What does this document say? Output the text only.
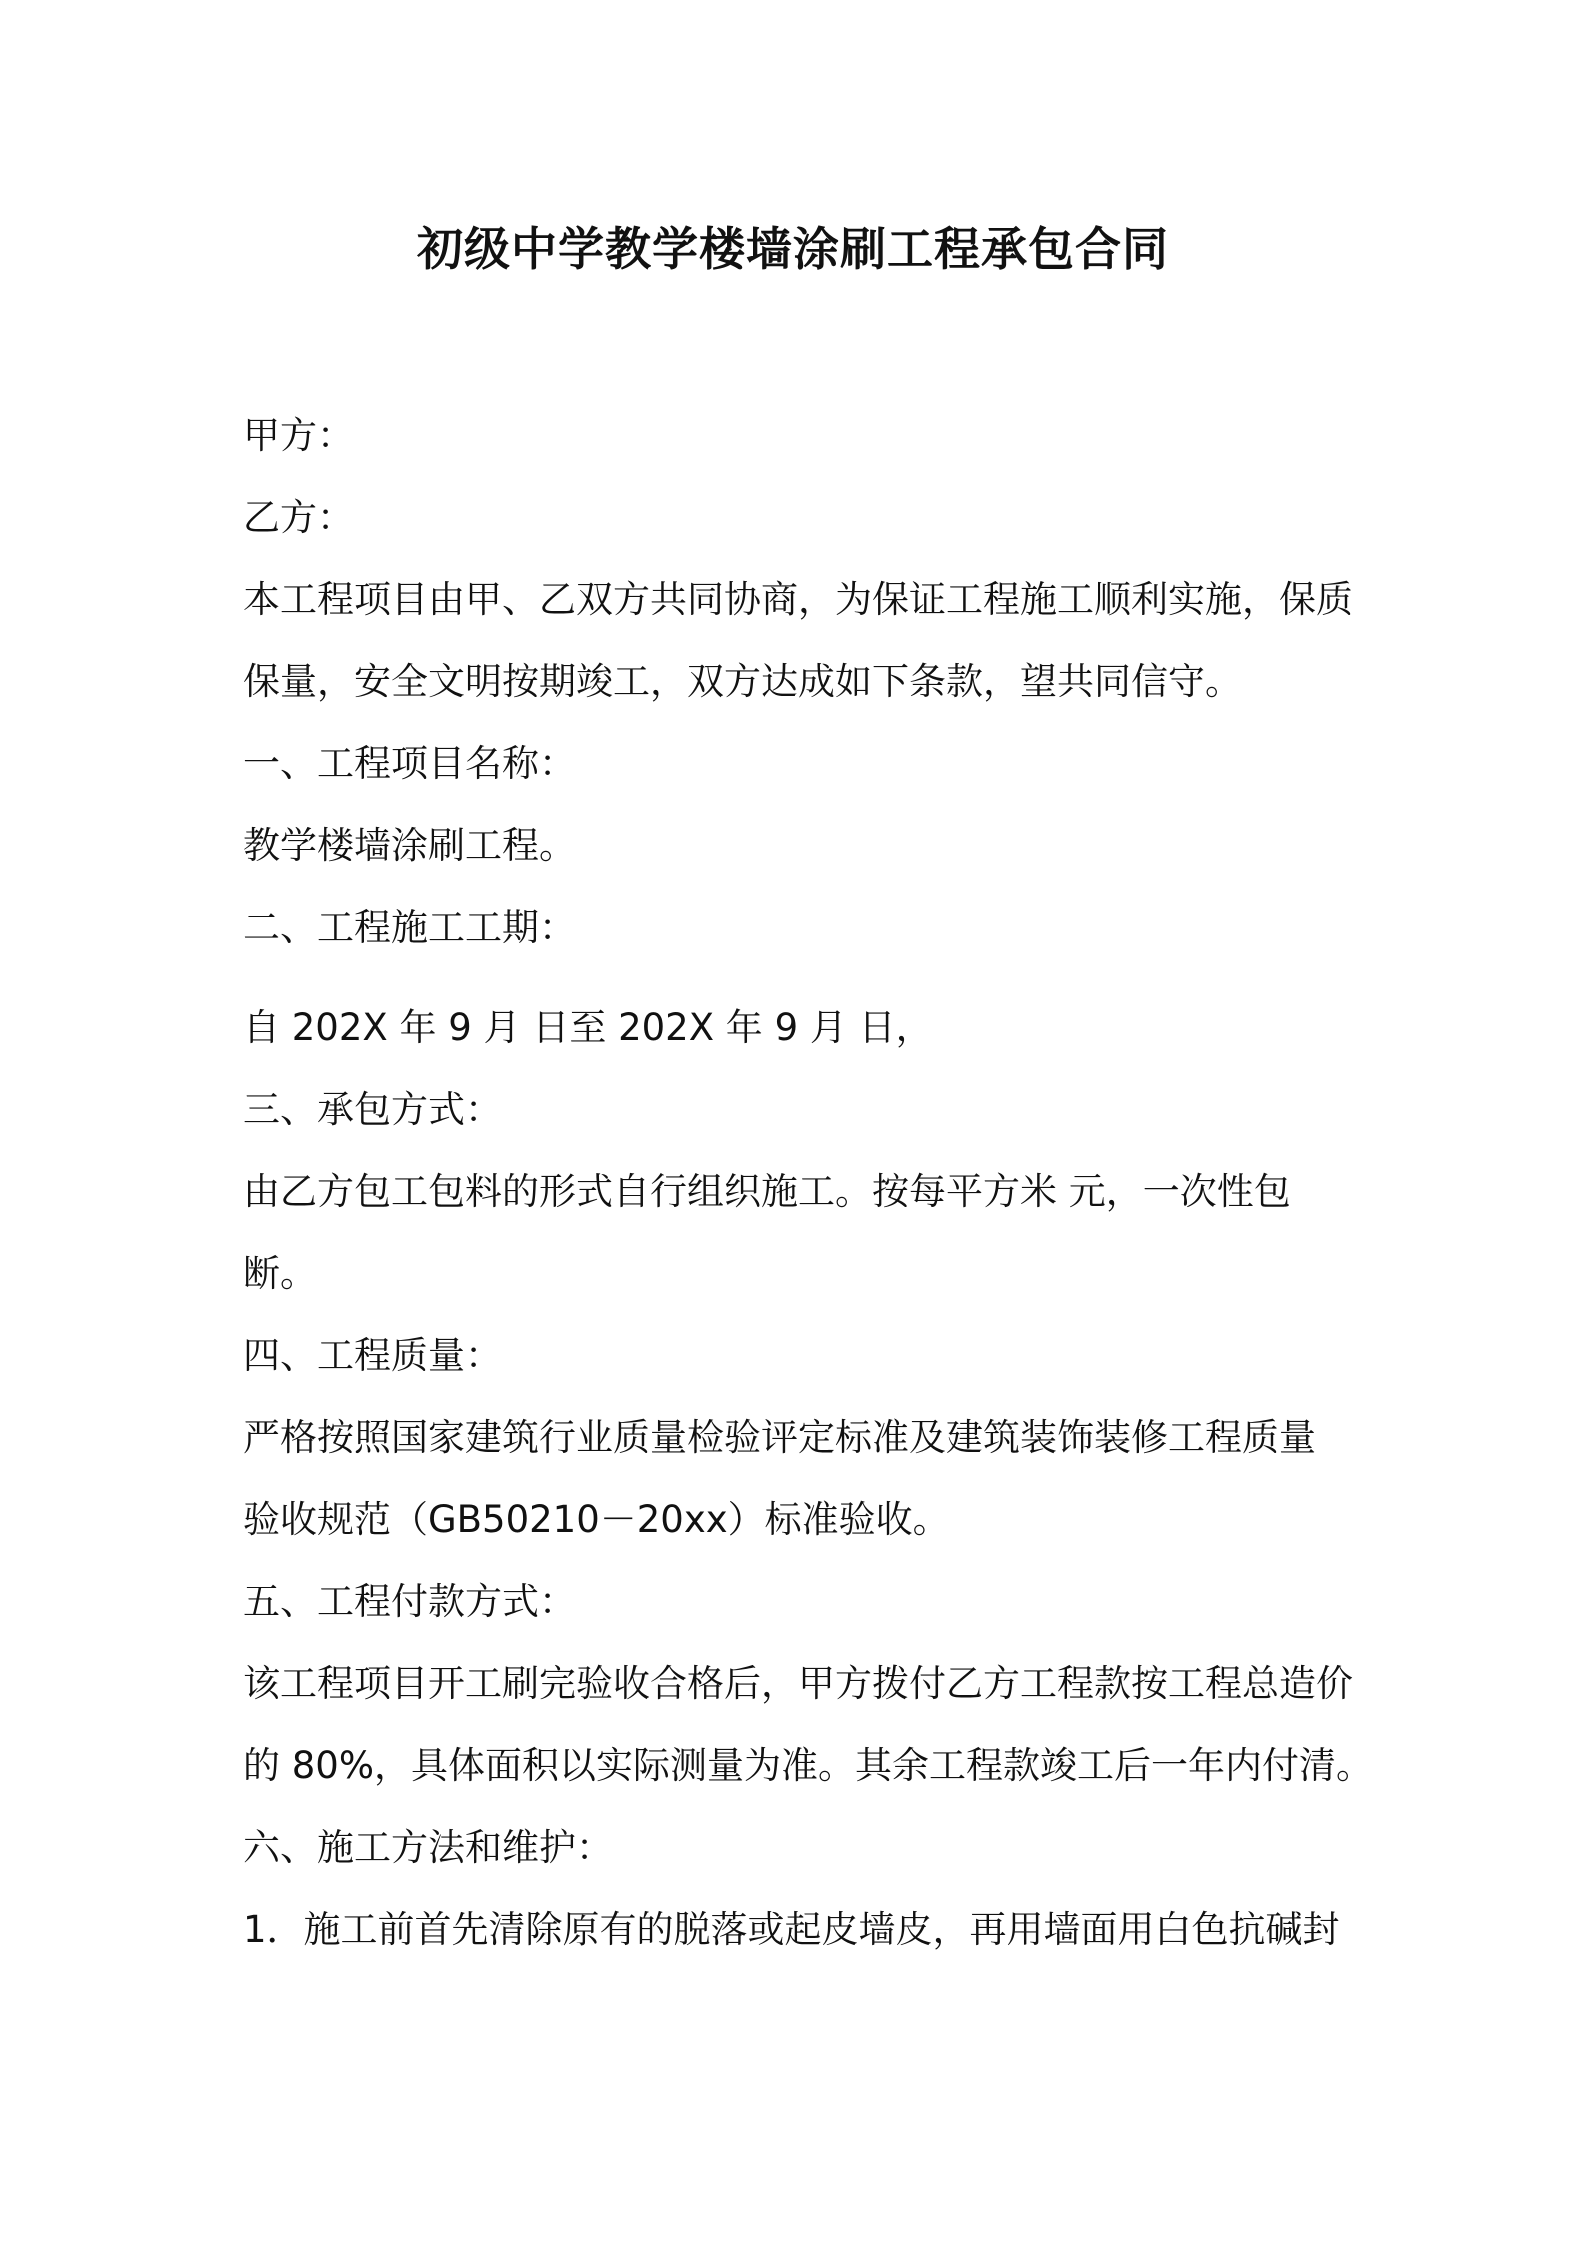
初级中学教学楼墙涂刷工程承包合同
甲方：
乙方：
本工程项目由甲、乙双方共同协商，为保证工程施工顺利实施，保质
保量，安全文明按期竣工，双方达成如下条款，望共同信守。
一、工程项目名称：
教学楼墙涂刷工程。
二、工程施工工期：
自 202X 年 9 月 日至 202X 年 9 月 日，
三、承包方式：
由乙方包工包料的形式自行组织施工。按每平方米 元，一次性包
断。
四、工程质量：
严格按照国家建筑行业质量检验评定标准及建筑装饰装修工程质量
验收规范（GB50210－20xx）标准验收。
五、工程付款方式：
该工程项目开工刷完验收合格后，甲方拨付乙方工程款按工程总造价
的 80%，具体面积以实际测量为准。其余工程款竣工后一年内付清。
六、施工方法和维护：
1．施工前首先清除原有的脱落或起皮墙皮，再用墙面用白色抗碱封
